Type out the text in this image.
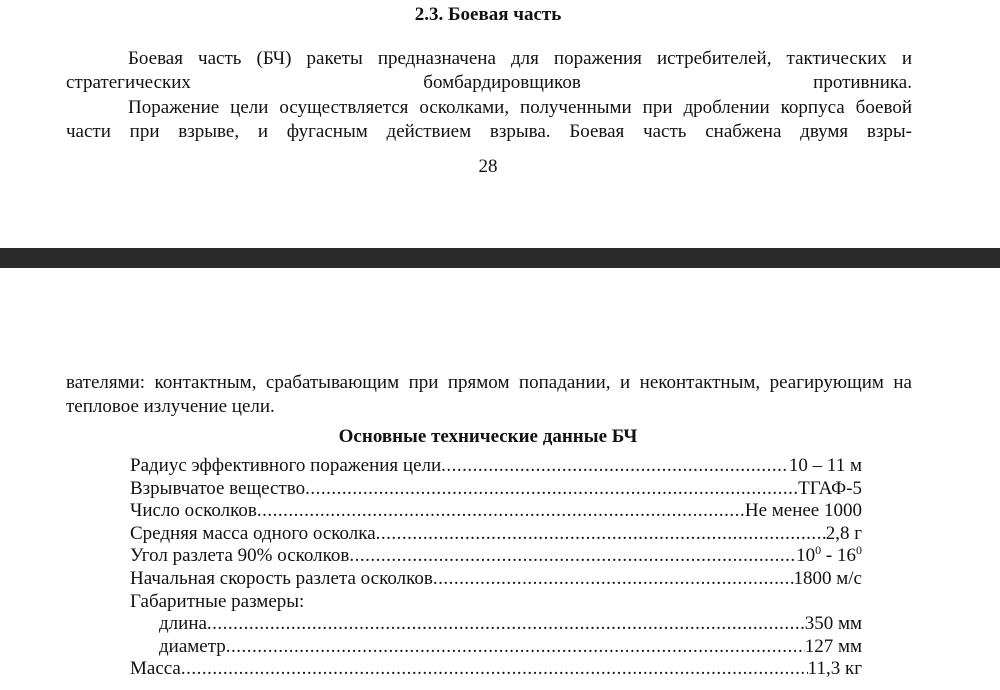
2.3. Боевая часть
Боевая часть (БЧ) ракеты предназначена для поражения истребителей, тактических и стратегических бомбардировщиков противника.
Поражение цели осуществляется осколками, полученными при дроблении корпуса боевой части при взрыве, и фугасным действием взрыва. Боевая часть снабжена двумя взры-
28
вателями: контактным, срабатывающим при прямом попадании, и неконтактным, реагирующим на тепловое излучение цели.
Основные технические данные БЧ
Радиус эффективного поражения цели .....	10 – 11 м
Взрывчатое вещество .....	ТГАФ-5
Число осколков .....	Не менее 1000
Средняя масса одного осколка .....	2,8 г
Угол разлета 90% осколков .....	$10^0 - 16^0$
Начальная скорость разлета осколков .....	1800 м/с
Габаритные размеры:
длина .....	350 мм
диаметр .....	127 мм
Масса .....	11,3 кг
